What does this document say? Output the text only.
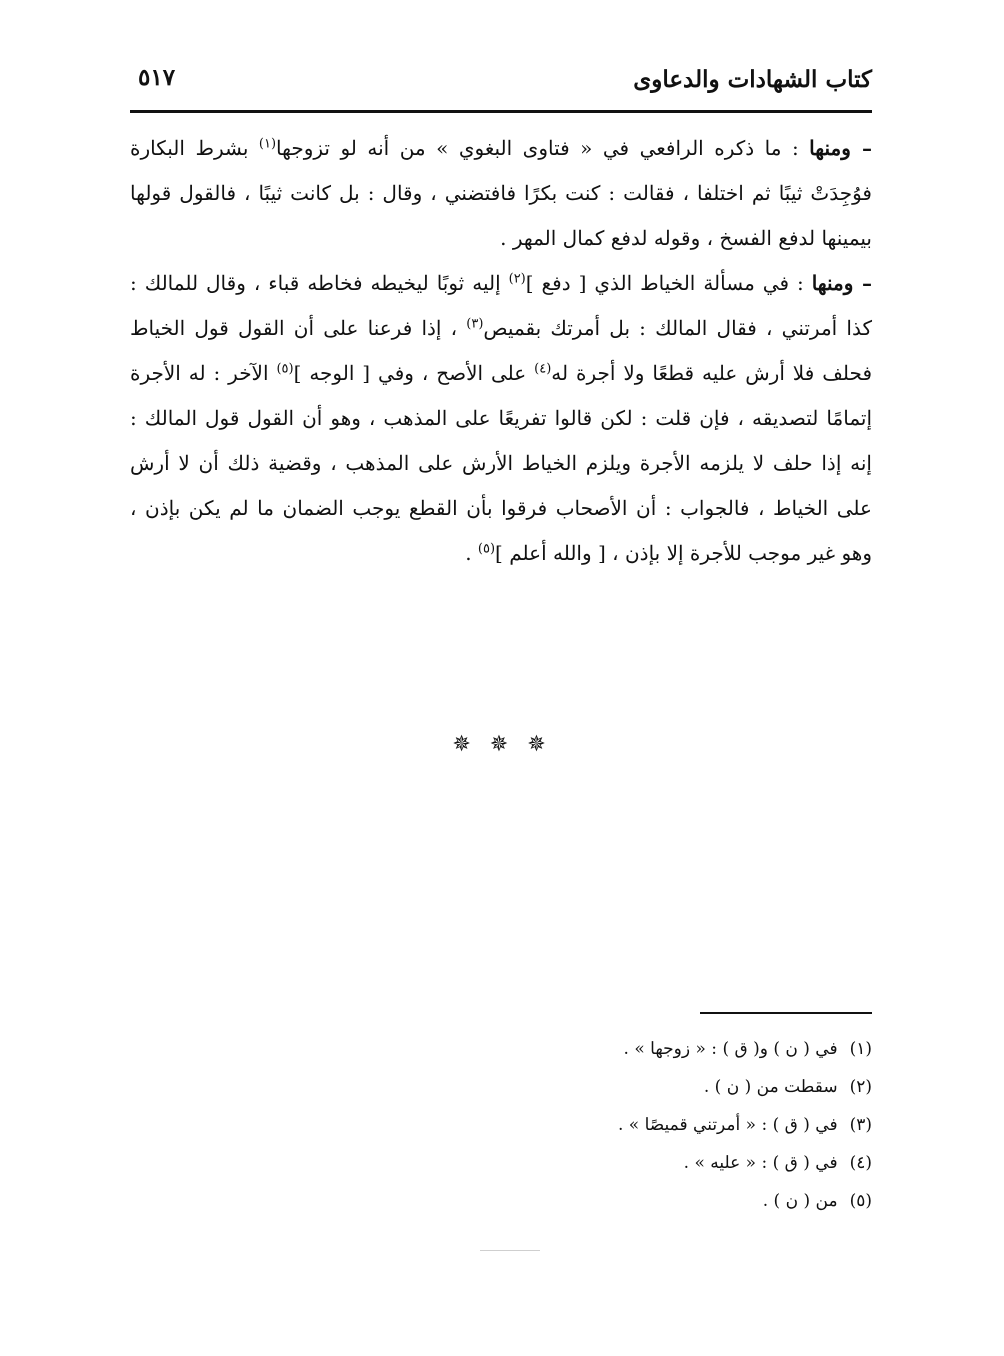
كتاب الشهادات والدعاوى
٥١٧

– ومنها : ما ذكره الرافعي في « فتاوى البغوي » من أنه لو تزوجها$^{(١)}$ بشرط البكارة فوُجِدَتْ ثيبًا ثم اختلفا ، فقالت : كنت بكرًا فافتضني ، وقال : بل كانت ثيبًا ، فالقول قولها بيمينها لدفع الفسخ ، وقوله لدفع كمال المهر .

– ومنها : في مسألة الخياط الذي [ دفع ]$^{(٢)}$ إليه ثوبًا ليخيطه فخاطه قباء ، وقال للمالك : كذا أمرتني ، فقال المالك : بل أمرتك بقميص$^{(٣)}$ ، إذا فرعنا على أن القول قول الخياط فحلف فلا أرش عليه قطعًا ولا أجرة له$^{(٤)}$ على الأصح ، وفي [ الوجه ]$^{(٥)}$ الآخر : له الأجرة إتمامًا لتصديقه ، فإن قلت : لكن قالوا تفريعًا على المذهب ، وهو أن القول قول المالك : إنه إذا حلف لا يلزمه الأجرة ويلزم الخياط الأرش على المذهب ، وقضية ذلك أن لا أرش على الخياط ، فالجواب : أن الأصحاب فرقوا بأن القطع يوجب الضمان ما لم يكن بإذن ، وهو غير موجب للأجرة إلا بإذن ، [ والله أعلم ]$^{(٥)}$ .

✵ ✵ ✵

(١)في ( ن ) و( ق ) : « زوجها » .

(٢)سقطت من ( ن ) .

(٣)في ( ق ) : « أمرتني قميصًا » .

(٤)في ( ق ) : « عليه » .

(٥)من ( ن ) .
